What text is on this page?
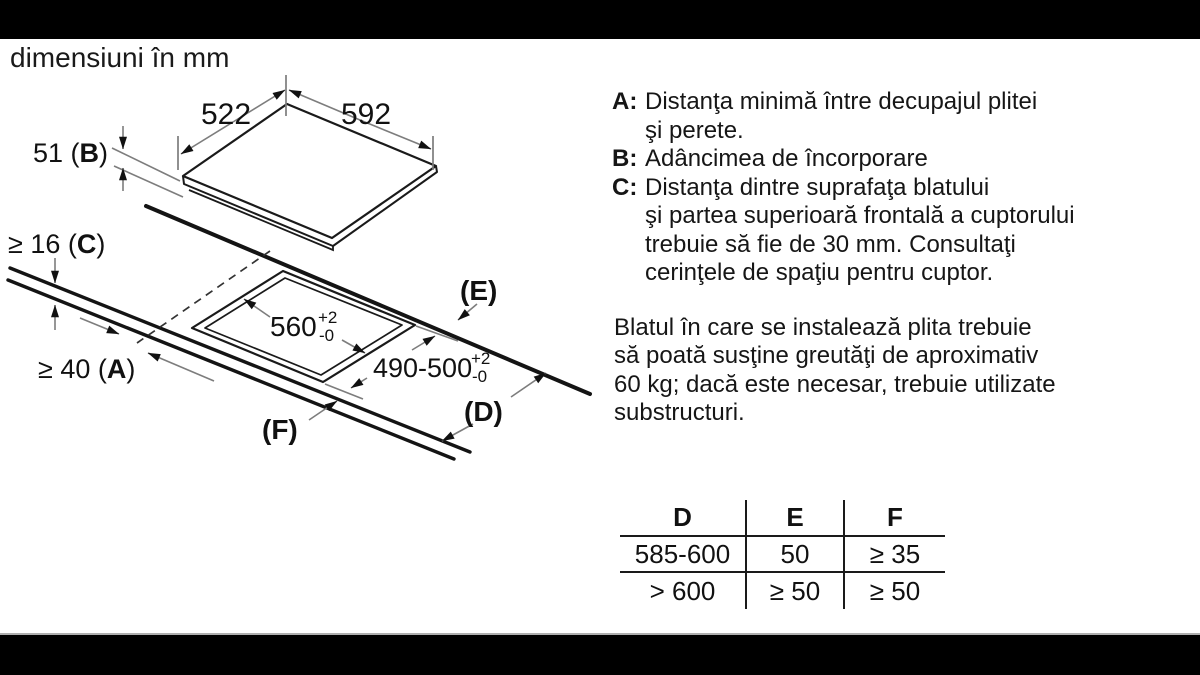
dimensiuni în mm
522	592
51 (B)
560 +2
-0
490-500
+2
-0
≥ 16 (C)
≥ 40 (A)
(E)
(D)
(F)
A: Distanţa minimă între decupajul plitei
şi perete.
B: Adâncimea de încorporare
C: Distanţa dintre suprafaţa blatului
şi partea superioară frontală a cuptorului
trebuie să fie de 30 mm. Consultaţi
cerinţele de spaţiu pentru cuptor.
Blatul în care se instalează plita trebuie
să poată susţine greutăţi de aproximativ
60 kg; dacă este necesar, trebuie utilizate
substructuri.
D	E	F
585-600	50	≥ 35
> 600	≥ 50	≥ 50
